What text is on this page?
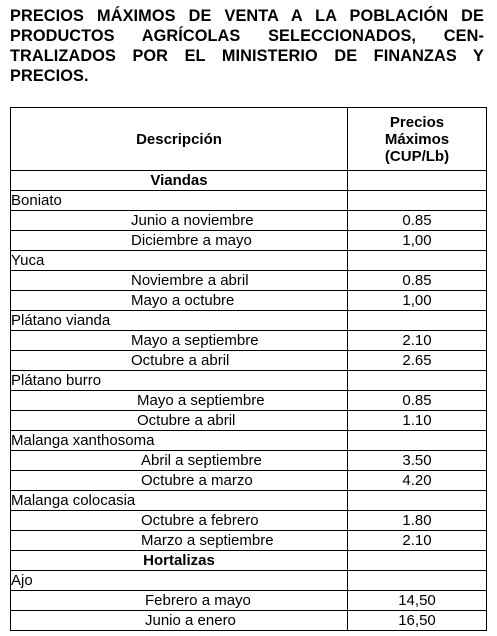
PRECIOS MÁXIMOS DE VENTA A LA POBLACIÓN DE
PRODUCTOS AGRÍCOLAS SELECCIONADOS, CEN-
TRALIZADOS POR EL MINISTERIO DE FINANZAS Y
PRECIOS.
Descripción	Precios
Máximos
(CUP/Lb)

Viandas	
Boniato	
Junio a noviembre	0.85
Diciembre a mayo	1,00
Yuca	
Noviembre a abril	0.85
Mayo a octubre	1,00
Plátano vianda	
Mayo a septiembre	2.10
Octubre a abril	2.65
Plátano burro	
Mayo a septiembre	0.85
Octubre a abril	1.10
Malanga xanthosoma	
Abril a septiembre	3.50
Octubre a marzo	4.20
Malanga colocasia	
Octubre a febrero	1.80
Marzo a septiembre	2.10
Hortalizas	
Ajo	
Febrero a mayo	14,50
Junio a enero	16,50
